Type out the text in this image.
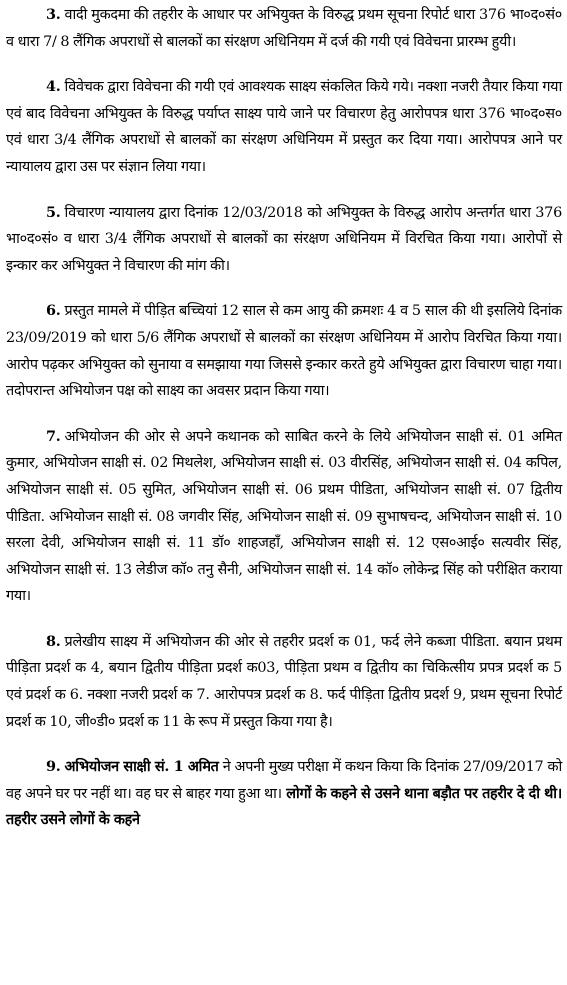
3. वादी मुकदमा की तहरीर के आधार पर अभियुक्त के विरुद्ध प्रथम सूचना रिपोर्ट धारा 376 भा०द०सं० व धारा 7/ 8 लैंगिक अपराधों से बालकों का संरक्षण अधिनियम में दर्ज की गयी एवं विवेचना प्रारम्भ हुयी।

4. विवेचक द्वारा विवेचना की गयी एवं आवश्यक साक्ष्य संकलित किये गये। नक्शा नजरी तैयार किया गया एवं बाद विवेचना अभियुक्त के विरुद्ध पर्याप्त साक्ष्य पाये जाने पर विचारण हेतु आरोपपत्र धारा 376 भा०द०स० एवं धारा 3/4 लैंगिक अपराधों से बालकों का संरक्षण अधिनियम में प्रस्तुत कर दिया गया। आरोपपत्र आने पर न्यायालय द्वारा उस पर संज्ञान लिया गया।

5. विचारण न्यायालय द्वारा दिनांक 12/03/2018 को अभियुक्त के विरुद्ध आरोप अन्तर्गत धारा 376 भा०द०सं० व धारा 3/4 लैंगिक अपराधों से बालकों का संरक्षण अधिनियम में विरचित किया गया। आरोपों से इन्कार कर अभियुक्त ने विचारण की मांग की।

6. प्रस्तुत मामले में पीड़ित बच्चियां 12 साल से कम आयु की क्रमशः 4 व 5 साल की थी इसलिये दिनांक 23/09/2019 को धारा 5/6 लैंगिक अपराधों से बालकों का संरक्षण अधिनियम में आरोप विरचित किया गया। आरोप पढ़कर अभियुक्त को सुनाया व समझाया गया जिससे इन्कार करते हुये अभियुक्त द्वारा विचारण चाहा गया। तदोपरान्त अभियोजन पक्ष को साक्ष्य का अवसर प्रदान किया गया।

7. अभियोजन की ओर से अपने कथानक को साबित करने के लिये अभियोजन साक्षी सं. 01 अमित कुमार, अभियोजन साक्षी सं. 02 मिथलेश, अभियोजन साक्षी सं. 03 वीरसिंह, अभियोजन साक्षी सं. 04 कपिल, अभियोजन साक्षी सं. 05 सुमित, अभियोजन साक्षी सं. 06 प्रथम पीडिता, अभियोजन साक्षी सं. 07 द्वितीय पीडिता. अभियोजन साक्षी सं. 08 जगवीर सिंह, अभियोजन साक्षी सं. 09 सुभाषचन्द, अभियोजन साक्षी सं. 10 सरला देवी, अभियोजन साक्षी सं. 11 डॉ० शाहजहाँ, अभियोजन साक्षी सं. 12 एस०आई० सत्यवीर सिंह, अभियोजन साक्षी सं. 13 लेडीज कॉ० तनु सैनी, अभियोजन साक्षी सं. 14 कॉ० लोकेन्द्र सिंह को परीक्षित कराया गया।

8. प्रलेखीय साक्ष्य में अभियोजन की ओर से तहरीर प्रदर्श क 01, फर्द लेने कब्जा पीडिता. बयान प्रथम पीड़िता प्रदर्श क 4, बयान द्वितीय पीड़िता प्रदर्श क03, पीड़िता प्रथम व द्वितीय का चिकित्सीय प्रपत्र प्रदर्श क 5 एवं प्रदर्श क 6. नक्शा नजरी प्रदर्श क 7. आरोपपत्र प्रदर्श क 8. फर्द पीड़िता द्वितीय प्रदर्श 9, प्रथम सूचना रिपोर्ट प्रदर्श क 10, जी०डी० प्रदर्श क 11 के रूप में प्रस्तुत किया गया है।

9. अभियोजन साक्षी सं. 1 अमित ने अपनी मुख्य परीक्षा में कथन किया कि दिनांक 27/09/2017 को वह अपने घर पर नहीं था। वह घर से बाहर गया हुआ था। लोगों के कहने से उसने थाना बड़ौत पर तहरीर दे दी थी। तहरीर उसने लोगों के कहने
